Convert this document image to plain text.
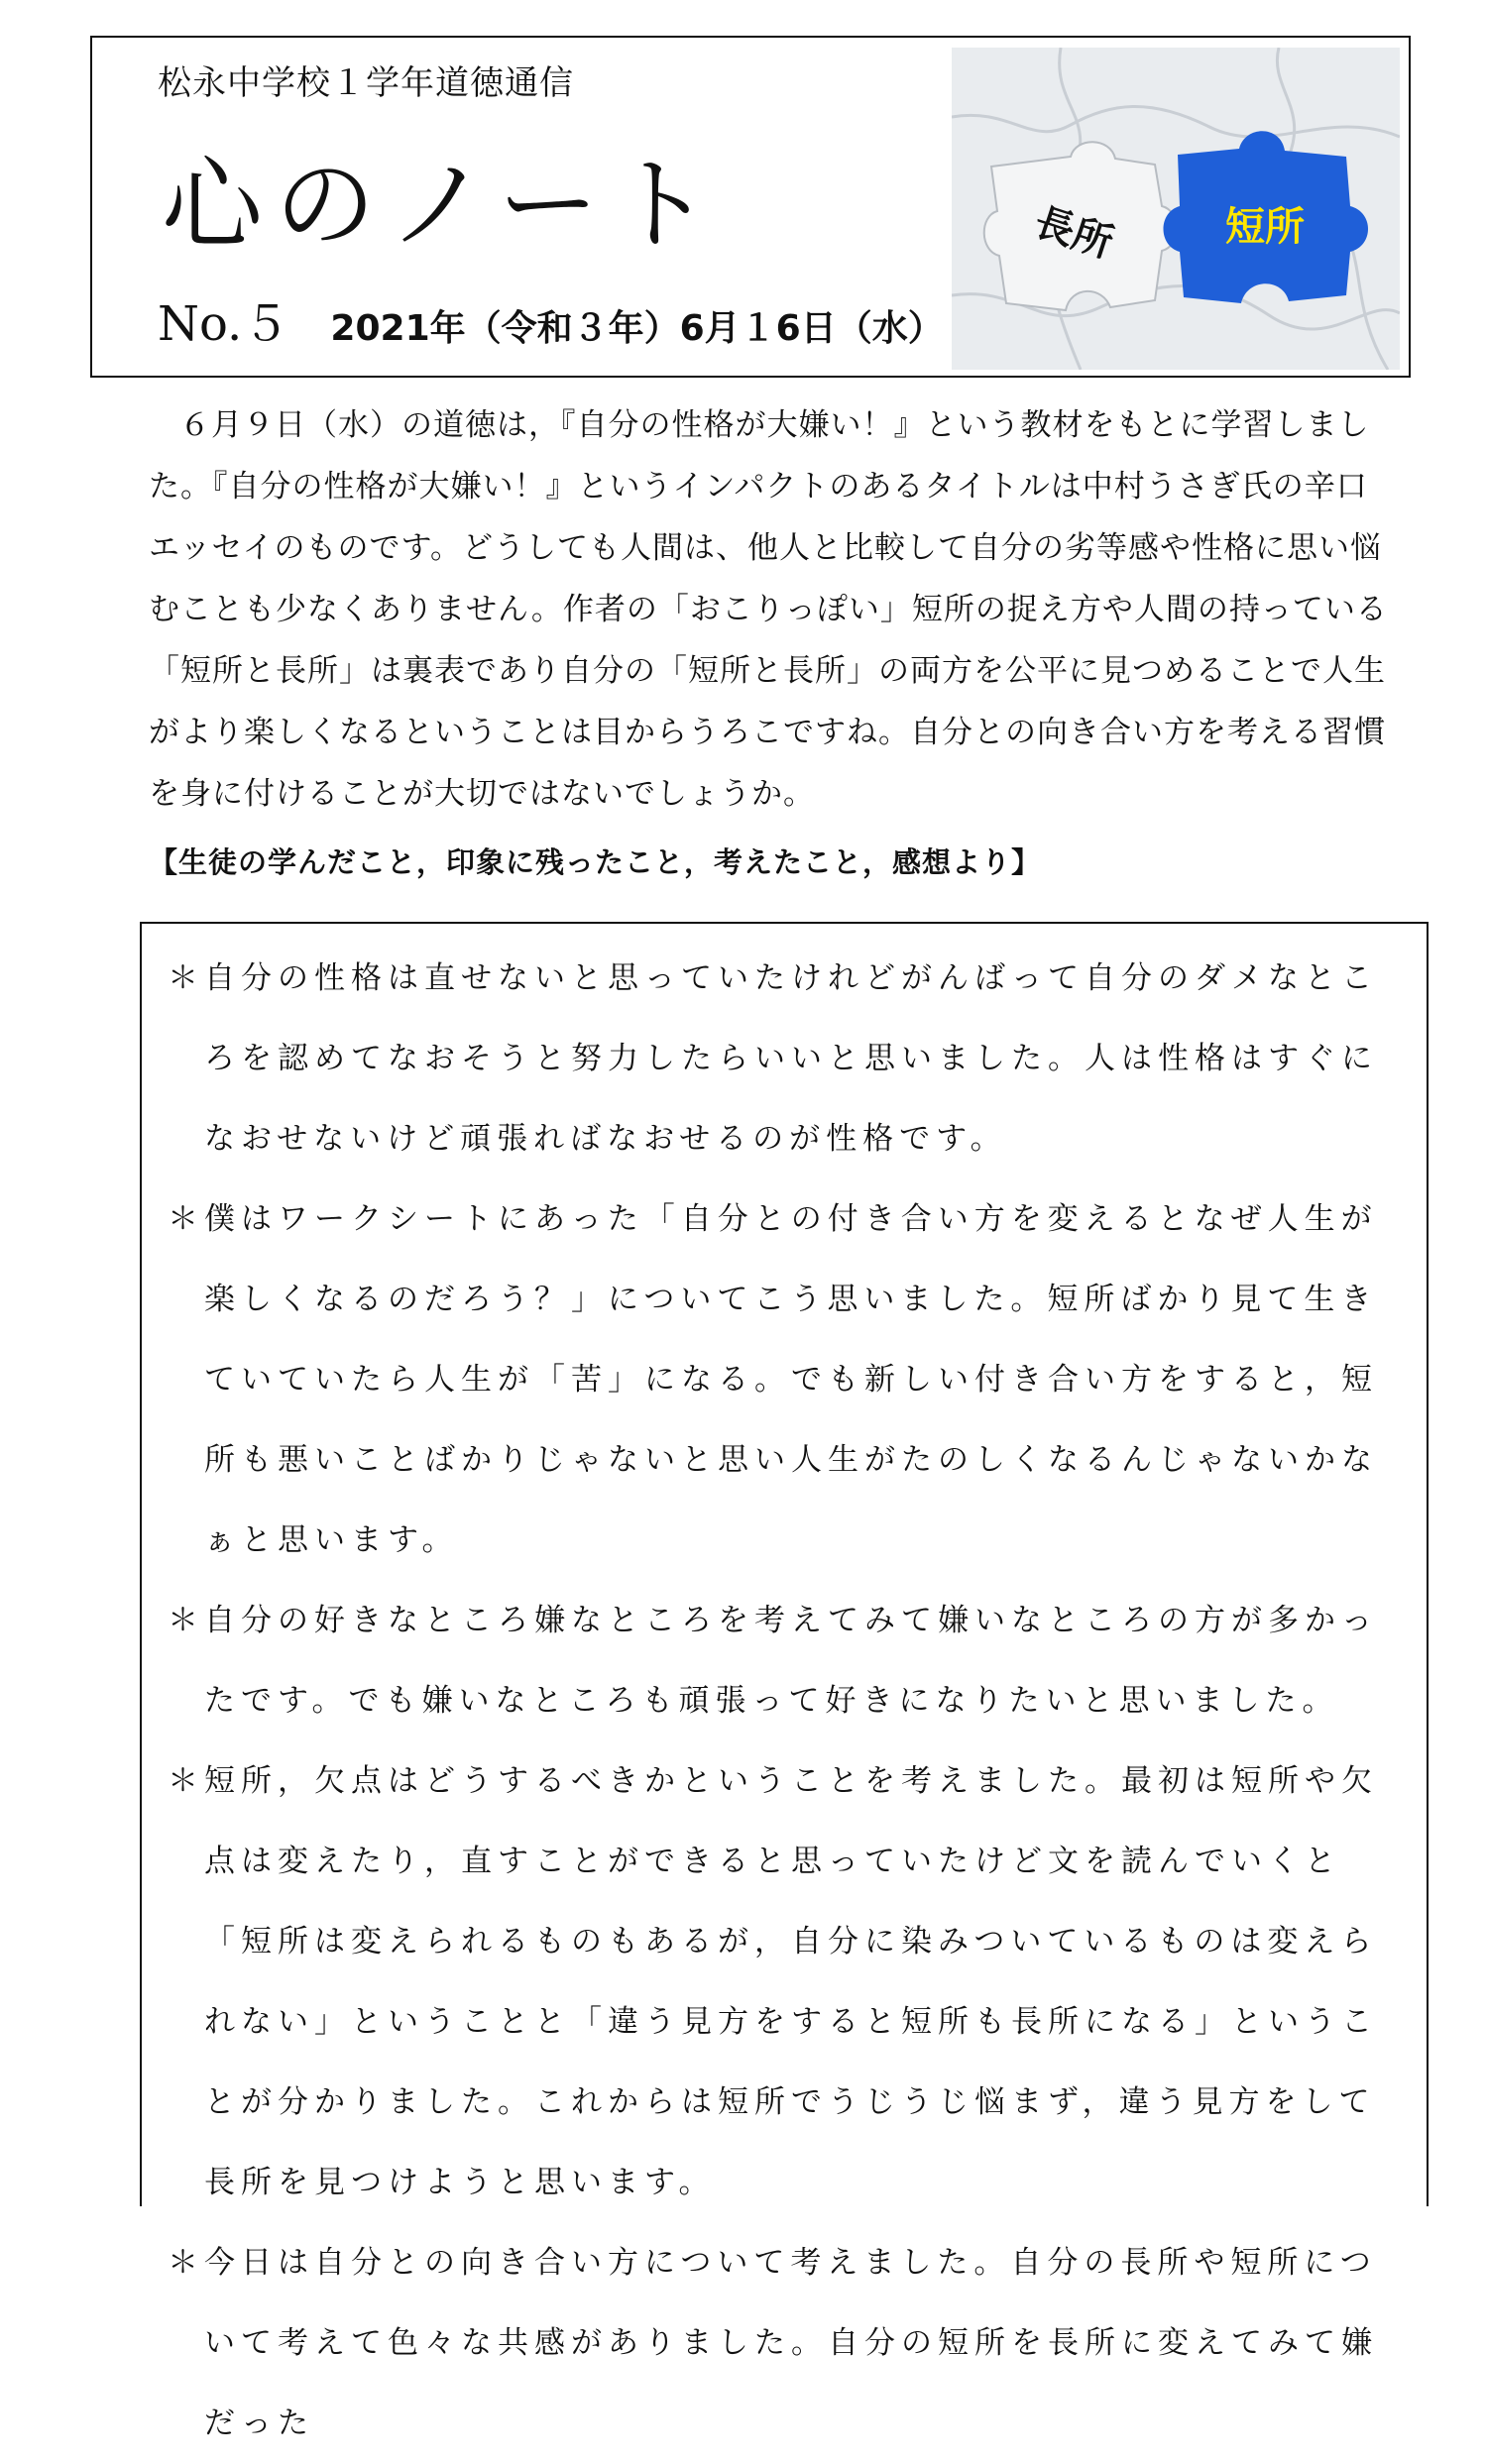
松永中学校１学年道徳通信
心のノート
No.５ 2021年（令和３年）6月１6日（水）
長所	短所

６月９日（水）の道徳は，『自分の性格が大嫌い！』という教材をもとに学習しました。『自分の性格が大嫌い！』というインパクトのあるタイトルは中村うさぎ氏の辛口エッセイのものです。どうしても人間は、他人と比較して自分の劣等感や性格に思い悩むことも少なくありません。作者の「おこりっぽい」短所の捉え方や人間の持っている「短所と長所」は裏表であり自分の「短所と長所」の両方を公平に見つめることで人生がより楽しくなるということは目からうろこですね。自分との向き合い方を考える習慣を身に付けることが大切ではないでしょうか。

【生徒の学んだこと，印象に残ったこと，考えたこと，感想より】
＊ 自分の性格は直せないと思っていたけれどがんばって自分のダメなところを認めてなおそうと努力したらいいと思いました。人は性格はすぐになおせないけど頑張ればなおせるのが性格です。
＊ 僕はワークシートにあった「自分との付き合い方を変えるとなぜ人生が楽しくなるのだろう？」についてこう思いました。短所ばかり見て生きていていたら人生が「苦」になる。でも新しい付き合い方をすると，短所も悪いことばかりじゃないと思い人生がたのしくなるんじゃないかなぁと思います。
＊ 自分の好きなところ嫌なところを考えてみて嫌いなところの方が多かったです。でも嫌いなところも頑張って好きになりたいと思いました。
＊ 短所，欠点はどうするべきかということを考えました。最初は短所や欠点は変えたり，直すことができると思っていたけど文を読んでいくと「短所は変えられるものもあるが，自分に染みついているものは変えられない」ということと「違う見方をすると短所も長所になる」ということが分かりました。これからは短所でうじうじ悩まず，違う見方をして長所を見つけようと思います。
＊ 今日は自分との向き合い方について考えました。自分の長所や短所について考えて色々な共感がありました。自分の短所を長所に変えてみて嫌だった
